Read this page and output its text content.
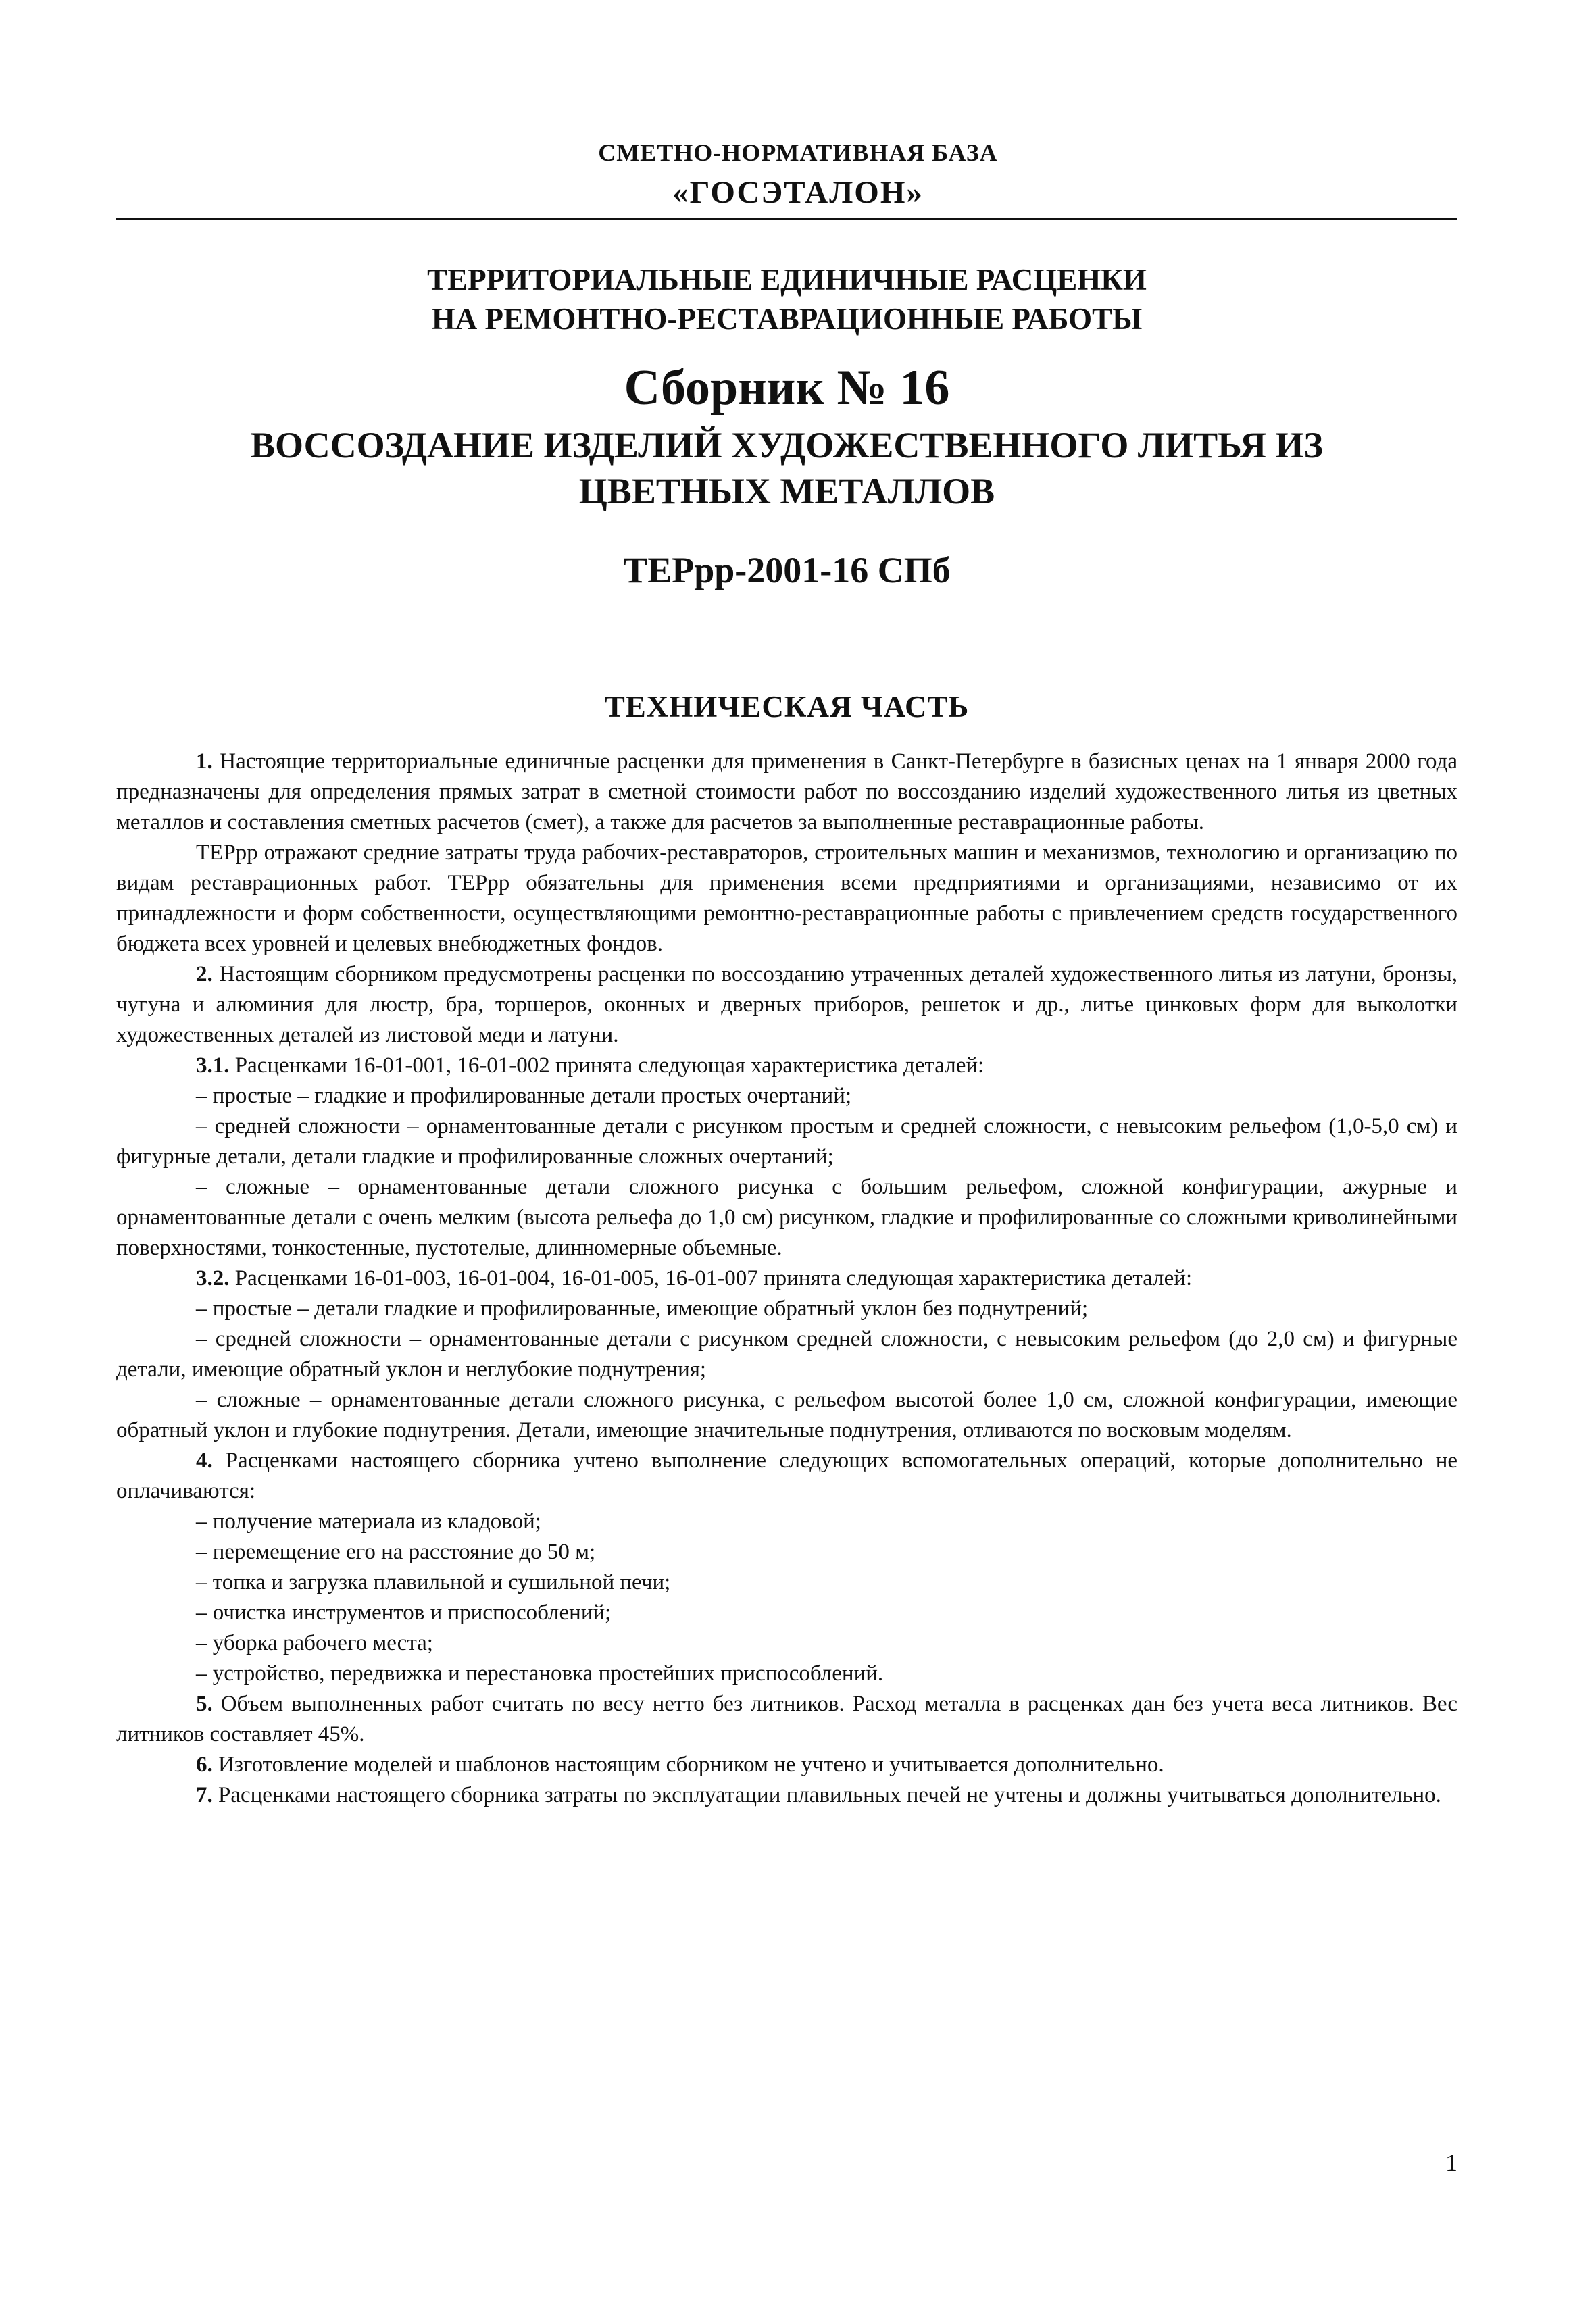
СМЕТНО-НОРМАТИВНАЯ БАЗА
«ГОСЭТАЛОН»
ТЕРРИТОРИАЛЬНЫЕ ЕДИНИЧНЫЕ РАСЦЕНКИ
НА РЕМОНТНО-РЕСТАВРАЦИОННЫЕ РАБОТЫ
Сборник № 16
ВОССОЗДАНИЕ ИЗДЕЛИЙ ХУДОЖЕСТВЕННОГО ЛИТЬЯ ИЗ
ЦВЕТНЫХ МЕТАЛЛОВ
ТЕРрр-2001-16 СПб
ТЕХНИЧЕСКАЯ ЧАСТЬ

1. Настоящие территориальные единичные расценки для применения в Санкт-Петербурге в базисных ценах на 1 января 2000 года предназначены для определения прямых затрат в сметной стоимости работ по воссозданию изделий художественного литья из цветных металлов и составления сметных расчетов (смет), а также для расчетов за выполненные реставрационные работы.

ТЕРрр отражают средние затраты труда рабочих-реставраторов, строительных машин и механизмов, технологию и организацию по видам реставрационных работ. ТЕРрр обязательны для применения всеми предприятиями и организациями, независимо от их принадлежности и форм собственности, осуществляющими ремонтно-реставрационные работы с привлечением средств государственного бюджета всех уровней и целевых внебюджетных фондов.

2. Настоящим сборником предусмотрены расценки по воссозданию утраченных деталей художественного литья из латуни, бронзы, чугуна и алюминия для люстр, бра, торшеров, оконных и дверных приборов, решеток и др., литье цинковых форм для выколотки художественных деталей из листовой меди и латуни.

3.1. Расценками 16-01-001, 16-01-002 принята следующая характеристика деталей:

– простые – гладкие и профилированные детали простых очертаний;

– средней сложности – орнаментованные детали с рисунком простым и средней сложности, с невысоким рельефом (1,0-5,0 см) и фигурные детали, детали гладкие и профилированные сложных очертаний;

– сложные – орнаментованные детали сложного рисунка с большим рельефом, сложной конфигурации, ажурные и орнаментованные детали с очень мелким (высота рельефа до 1,0 см) рисунком, гладкие и профилированные со сложными криволинейными поверхностями, тонкостенные, пустотелые, длинномерные объемные.

3.2. Расценками 16-01-003, 16-01-004, 16-01-005, 16-01-007 принята следующая характеристика деталей:

– простые – детали гладкие и профилированные, имеющие обратный уклон без поднутрений;

– средней сложности – орнаментованные детали с рисунком средней сложности, с невысоким рельефом (до 2,0 см) и фигурные детали, имеющие обратный уклон и неглубокие поднутрения;

– сложные – орнаментованные детали сложного рисунка, с рельефом высотой более 1,0 см, сложной конфигурации, имеющие обратный уклон и глубокие поднутрения. Детали, имеющие значительные поднутрения, отливаются по восковым моделям.

4. Расценками настоящего сборника учтено выполнение следующих вспомогательных операций, которые дополнительно не оплачиваются:

– получение материала из кладовой;

– перемещение его на расстояние до 50 м;

– топка и загрузка плавильной и сушильной печи;

– очистка инструментов и приспособлений;

– уборка рабочего места;

– устройство, передвижка и перестановка простейших приспособлений.

5. Объем выполненных работ считать по весу нетто без литников. Расход металла в расценках дан без учета веса литников. Вес литников составляет 45%.

6. Изготовление моделей и шаблонов настоящим сборником не учтено и учитывается дополнительно.

7. Расценками настоящего сборника затраты по эксплуатации плавильных печей не учтены и должны учитываться дополнительно.

1
